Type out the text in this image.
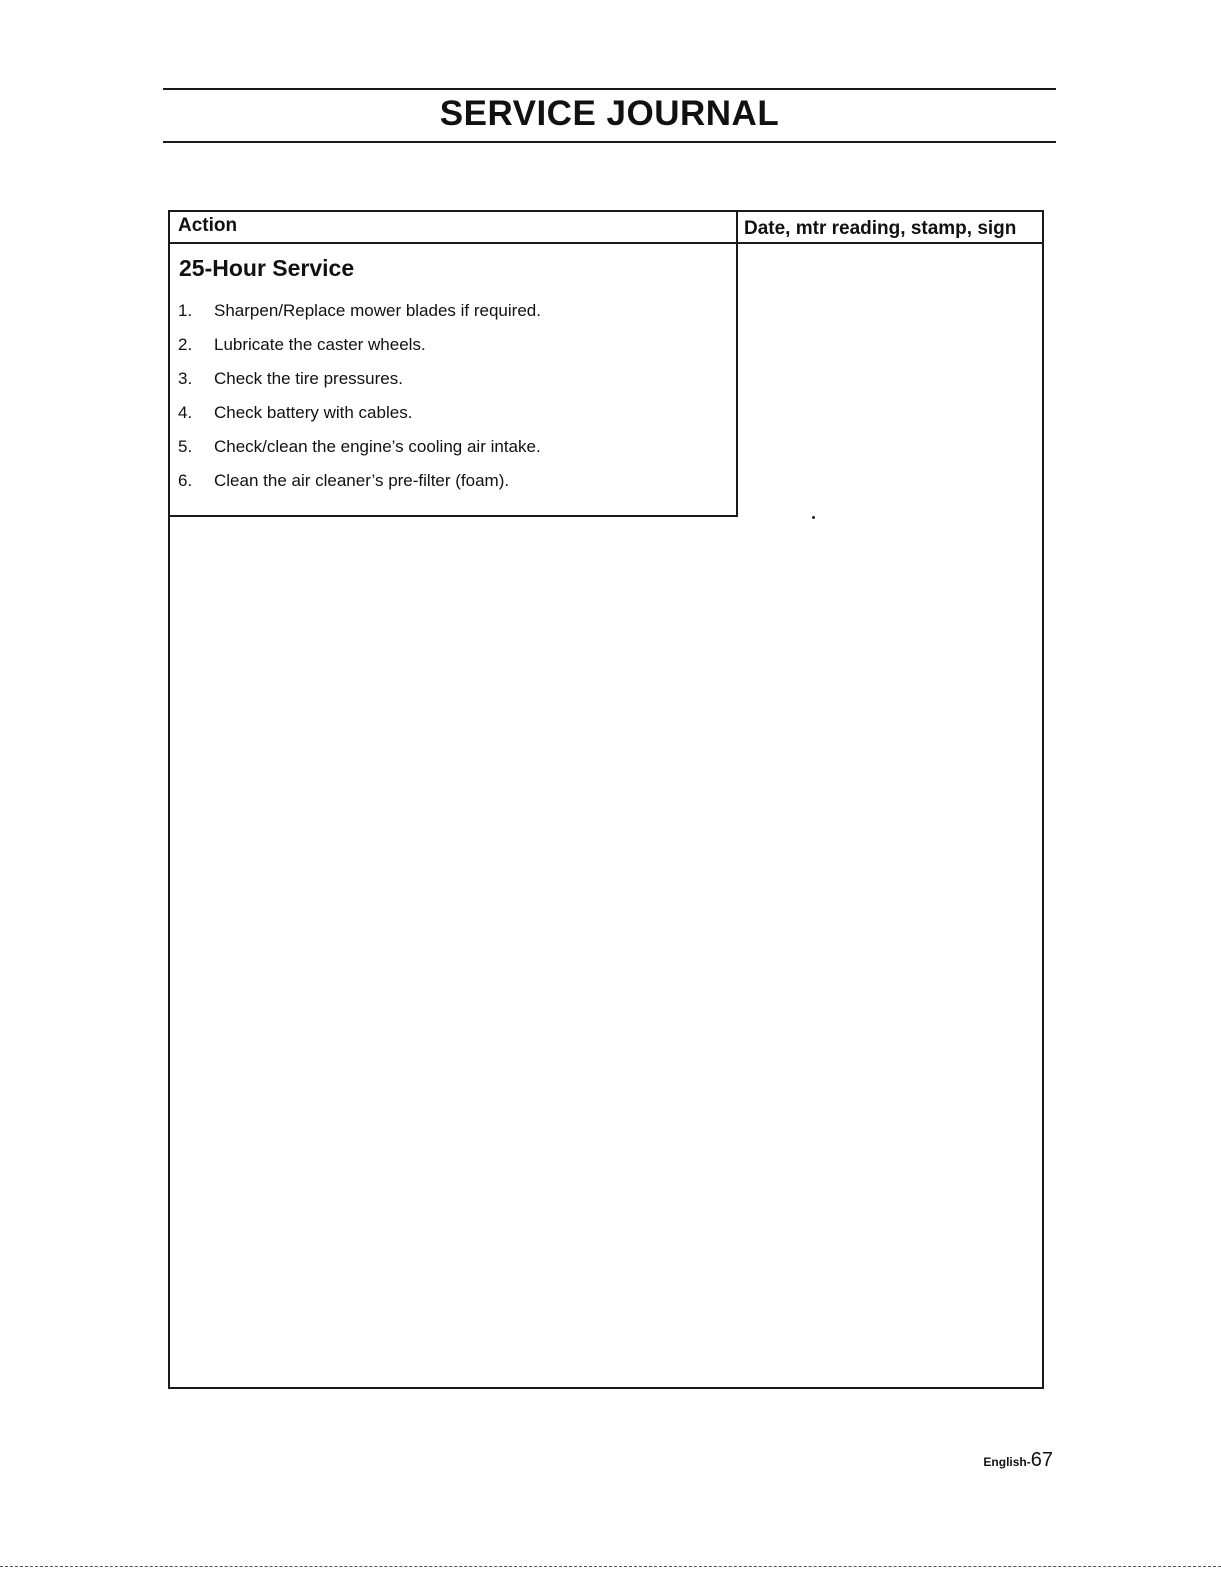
SERVICE JOURNAL
Action	Date, mtr reading, stamp, sign
25-Hour Service
1. Sharpen/Replace mower blades if required.
2. Lubricate the caster wheels.
3. Check the tire pressures.
4. Check battery with cables.
5. Check/clean the engine’s cooling air intake.
6. Clean the air cleaner’s pre-filter (foam).
English-67
